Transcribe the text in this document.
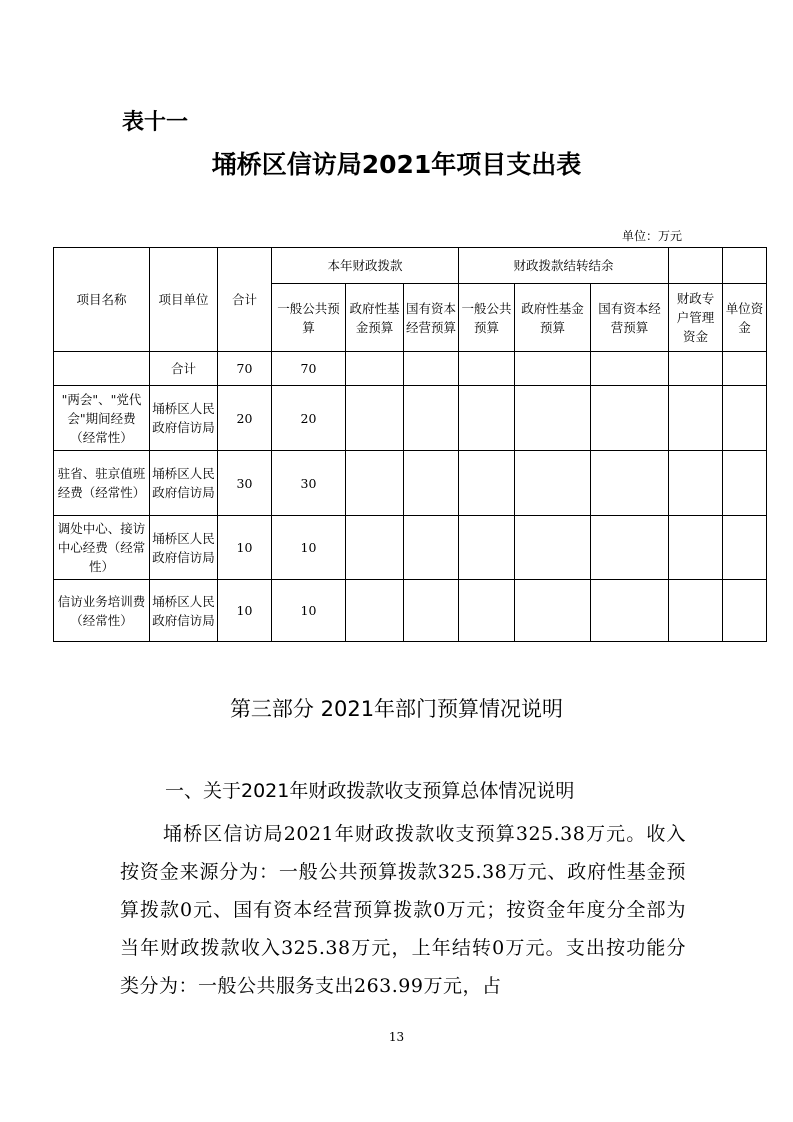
表十一
埇桥区信访局2021年项目支出表
单位：万元
项目名称	项目单位	合计	本年财政拨款			财政拨款结转结余				
			一般公共预算	政府性基金预算	国有资本经营预算	一般公共预算	政府性基金预算	国有资本经营预算	财政专户管理资金	单位资金
	合计	70	70							
"两会"、"党代会"期间经费（经常性）	埇桥区人民政府信访局	20	20							
驻省、驻京值班经费（经常性）	埇桥区人民政府信访局	30	30							
调处中心、接访中心经费（经常性）	埇桥区人民政府信访局	10	10							
信访业务培训费（经常性）	埇桥区人民政府信访局	10	10							
第三部分 2021年部门预算情况说明
一、关于2021年财政拨款收支预算总体情况说明

埇桥区信访局2021年财政拨款收支预算325.38万元。收入按资金来源分为：一般公共预算拨款325.38万元、政府性基金预算拨款0元、国有资本经营预算拨款0万元；按资金年度分全部为当年财政拨款收入325.38万元，上年结转0万元。支出按功能分类分为：一般公共服务支出263.99万元，占

13
